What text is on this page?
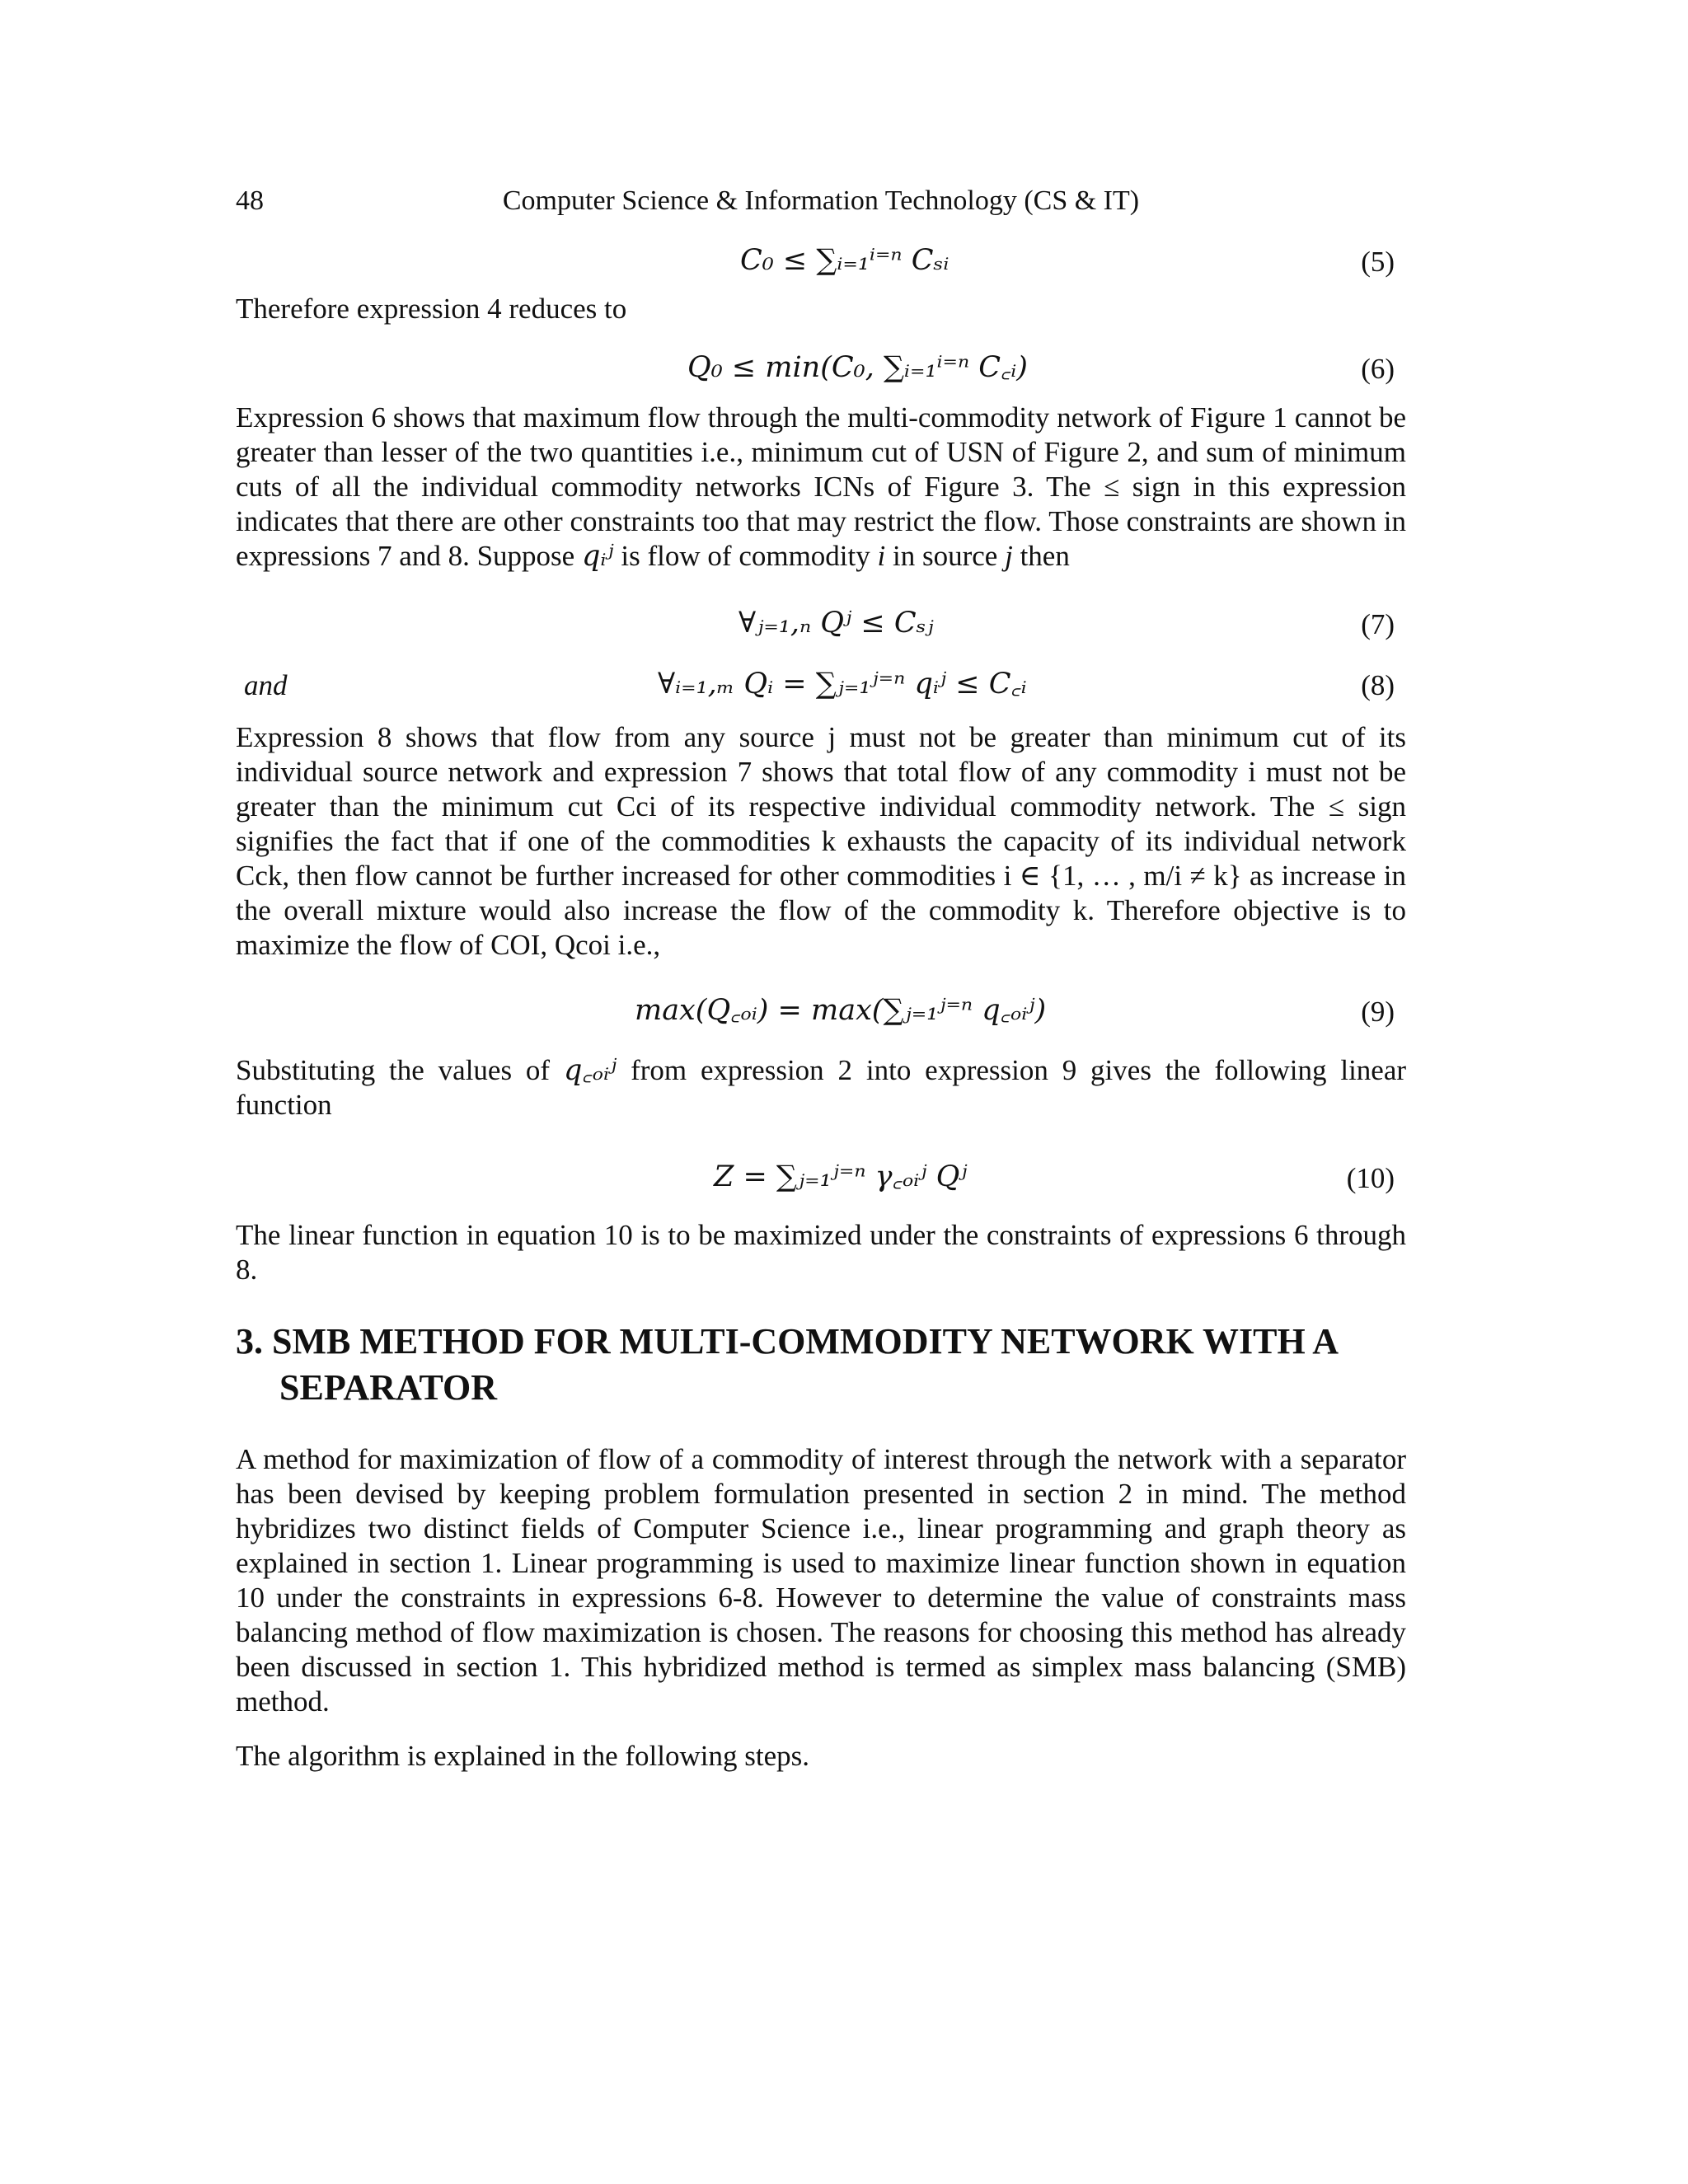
48	Computer Science & Information Technology (CS & IT)
C₀ ≤ ∑ᵢ₌₁ⁱ⁼ⁿ Cₛᵢ	(5)

Therefore expression 4 reduces to

Q₀ ≤ min(C₀, ∑ᵢ₌₁ⁱ⁼ⁿ C꜀ᵢ)	(6)

Expression 6 shows that maximum flow through the multi-commodity network of Figure 1 cannot be greater than lesser of the two quantities i.e., minimum cut of USN of Figure 2, and sum of minimum cuts of all the individual commodity networks ICNs of Figure 3. The ≤ sign in this expression indicates that there are other constraints too that may restrict the flow. Those constraints are shown in expressions 7 and 8. Suppose qᵢʲ is flow of commodity i in source j then

∀ⱼ₌₁,ₙ Qʲ ≤ Cₛⱼ	(7)
and	∀ᵢ₌₁,ₘ Qᵢ = ∑ⱼ₌₁ʲ⁼ⁿ qᵢʲ ≤ C꜀ᵢ	(8)

Expression 8 shows that flow from any source j must not be greater than minimum cut of its individual source network and expression 7 shows that total flow of any commodity i must not be greater than the minimum cut Cci of its respective individual commodity network. The ≤ sign signifies the fact that if one of the commodities k exhausts the capacity of its individual network Cck, then flow cannot be further increased for other commodities i ∈ {1, … , m/i ≠ k} as increase in the overall mixture would also increase the flow of the commodity k. Therefore objective is to maximize the flow of COI, Qcoi i.e.,

max(Q꜀ₒᵢ) = max(∑ⱼ₌₁ʲ⁼ⁿ q꜀ₒᵢʲ)	(9)

Substituting the values of q꜀ₒᵢʲ from expression 2 into expression 9 gives the following linear function

Z = ∑ⱼ₌₁ʲ⁼ⁿ γ꜀ₒᵢʲ Qʲ	(10)

The linear function in equation 10 is to be maximized under the constraints of expressions 6 through 8.

3. SMB METHOD FOR MULTI-COMMODITY NETWORK WITH A
SEPARATOR

A method for maximization of flow of a commodity of interest through the network with a separator has been devised by keeping problem formulation presented in section 2 in mind. The method hybridizes two distinct fields of Computer Science i.e., linear programming and graph theory as explained in section 1. Linear programming is used to maximize linear function shown in equation 10 under the constraints in expressions 6-8. However to determine the value of constraints mass balancing method of flow maximization is chosen. The reasons for choosing this method has already been discussed in section 1. This hybridized method is termed as simplex mass balancing (SMB) method.

The algorithm is explained in the following steps.
